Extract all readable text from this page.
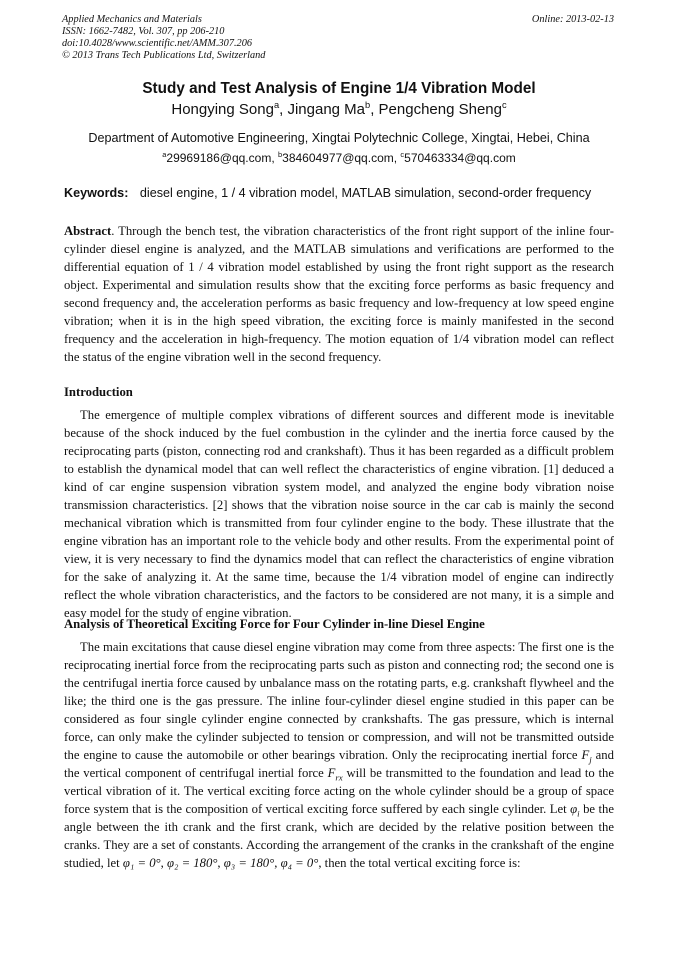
Applied Mechanics and Materials
ISSN: 1662-7482, Vol. 307, pp 206-210
doi:10.4028/www.scientific.net/AMM.307.206
© 2013 Trans Tech Publications Ltd, Switzerland
Online: 2013-02-13
Study and Test Analysis of Engine 1/4 Vibration Model
Hongying Song$^a$, Jingang Ma$^b$, Pengcheng Sheng$^c$
Department of Automotive Engineering, Xingtai Polytechnic College, Xingtai, Hebei, China
$^a$29969186@qq.com, $^b$384604977@qq.com, $^c$570463334@qq.com
Keywords: diesel engine, 1 / 4 vibration model, MATLAB simulation, second-order frequency

Abstract. Through the bench test, the vibration characteristics of the front right support of the inline four-cylinder diesel engine is analyzed, and the MATLAB simulations and verifications are performed to the differential equation of 1 / 4 vibration model established by using the front right support as the research object. Experimental and simulation results show that the exciting force performs as basic frequency and second frequency and, the acceleration performs as basic frequency and low-frequency at low speed engine vibration; when it is in the high speed vibration, the exciting force is mainly manifested in the second frequency and the acceleration in high-frequency. The motion equation of 1/4 vibration model can reflect the status of the engine vibration well in the second frequency.

Introduction

The emergence of multiple complex vibrations of different sources and different mode is inevitable because of the shock induced by the fuel combustion in the cylinder and the inertia force caused by the reciprocating parts (piston, connecting rod and crankshaft). Thus it has been regarded as a difficult problem to establish the dynamical model that can well reflect the characteristics of engine vibration. [1] deduced a kind of car engine suspension vibration system model, and analyzed the engine body vibration noise transmission characteristics. [2] shows that the vibration noise source in the car cab is mainly the second mechanical vibration which is transmitted from four cylinder engine to the body. These illustrate that the engine vibration has an important role to the vehicle body and other results. From the experimental point of view, it is very necessary to find the dynamics model that can reflect the characteristics of engine vibration for the sake of analyzing it. At the same time, because the 1/4 vibration model of engine can indirectly reflect the whole vibration characteristics, and the factors to be considered are not many, it is a simple and easy model for the study of engine vibration.

Analysis of Theoretical Exciting Force for Four Cylinder in-line Diesel Engine

The main excitations that cause diesel engine vibration may come from three aspects: The first one is the reciprocating inertial force from the reciprocating parts such as piston and connecting rod; the second one is the centrifugal inertia force caused by unbalance mass on the rotating parts, e.g. crankshaft flywheel and the like; the third one is the gas pressure. The inline four-cylinder diesel engine studied in this paper can be considered as four single cylinder engine connected by crankshafts. The gas pressure, which is internal force, can only make the cylinder subjected to tension or compression, and will not be transmitted outside the engine to cause the automobile or other bearings vibration. Only the reciprocating inertial force $F_j$ and the vertical component of centrifugal inertial force $F_{rx}$ will be transmitted to the foundation and lead to the vertical vibration of it. The vertical exciting force acting on the whole cylinder should be a group of space force system that is the composition of vertical exciting force suffered by each single cylinder. Let $\varphi_i$ be the angle between the ith crank and the first crank, which are decided by the relative position between the cranks. They are a set of constants. According the arrangement of the cranks in the crankshaft of the engine studied, let φ₁ = 0°, φ₂ = 180°, φ₃ = 180°, φ₄ = 0°, then the total vertical exciting force is:
